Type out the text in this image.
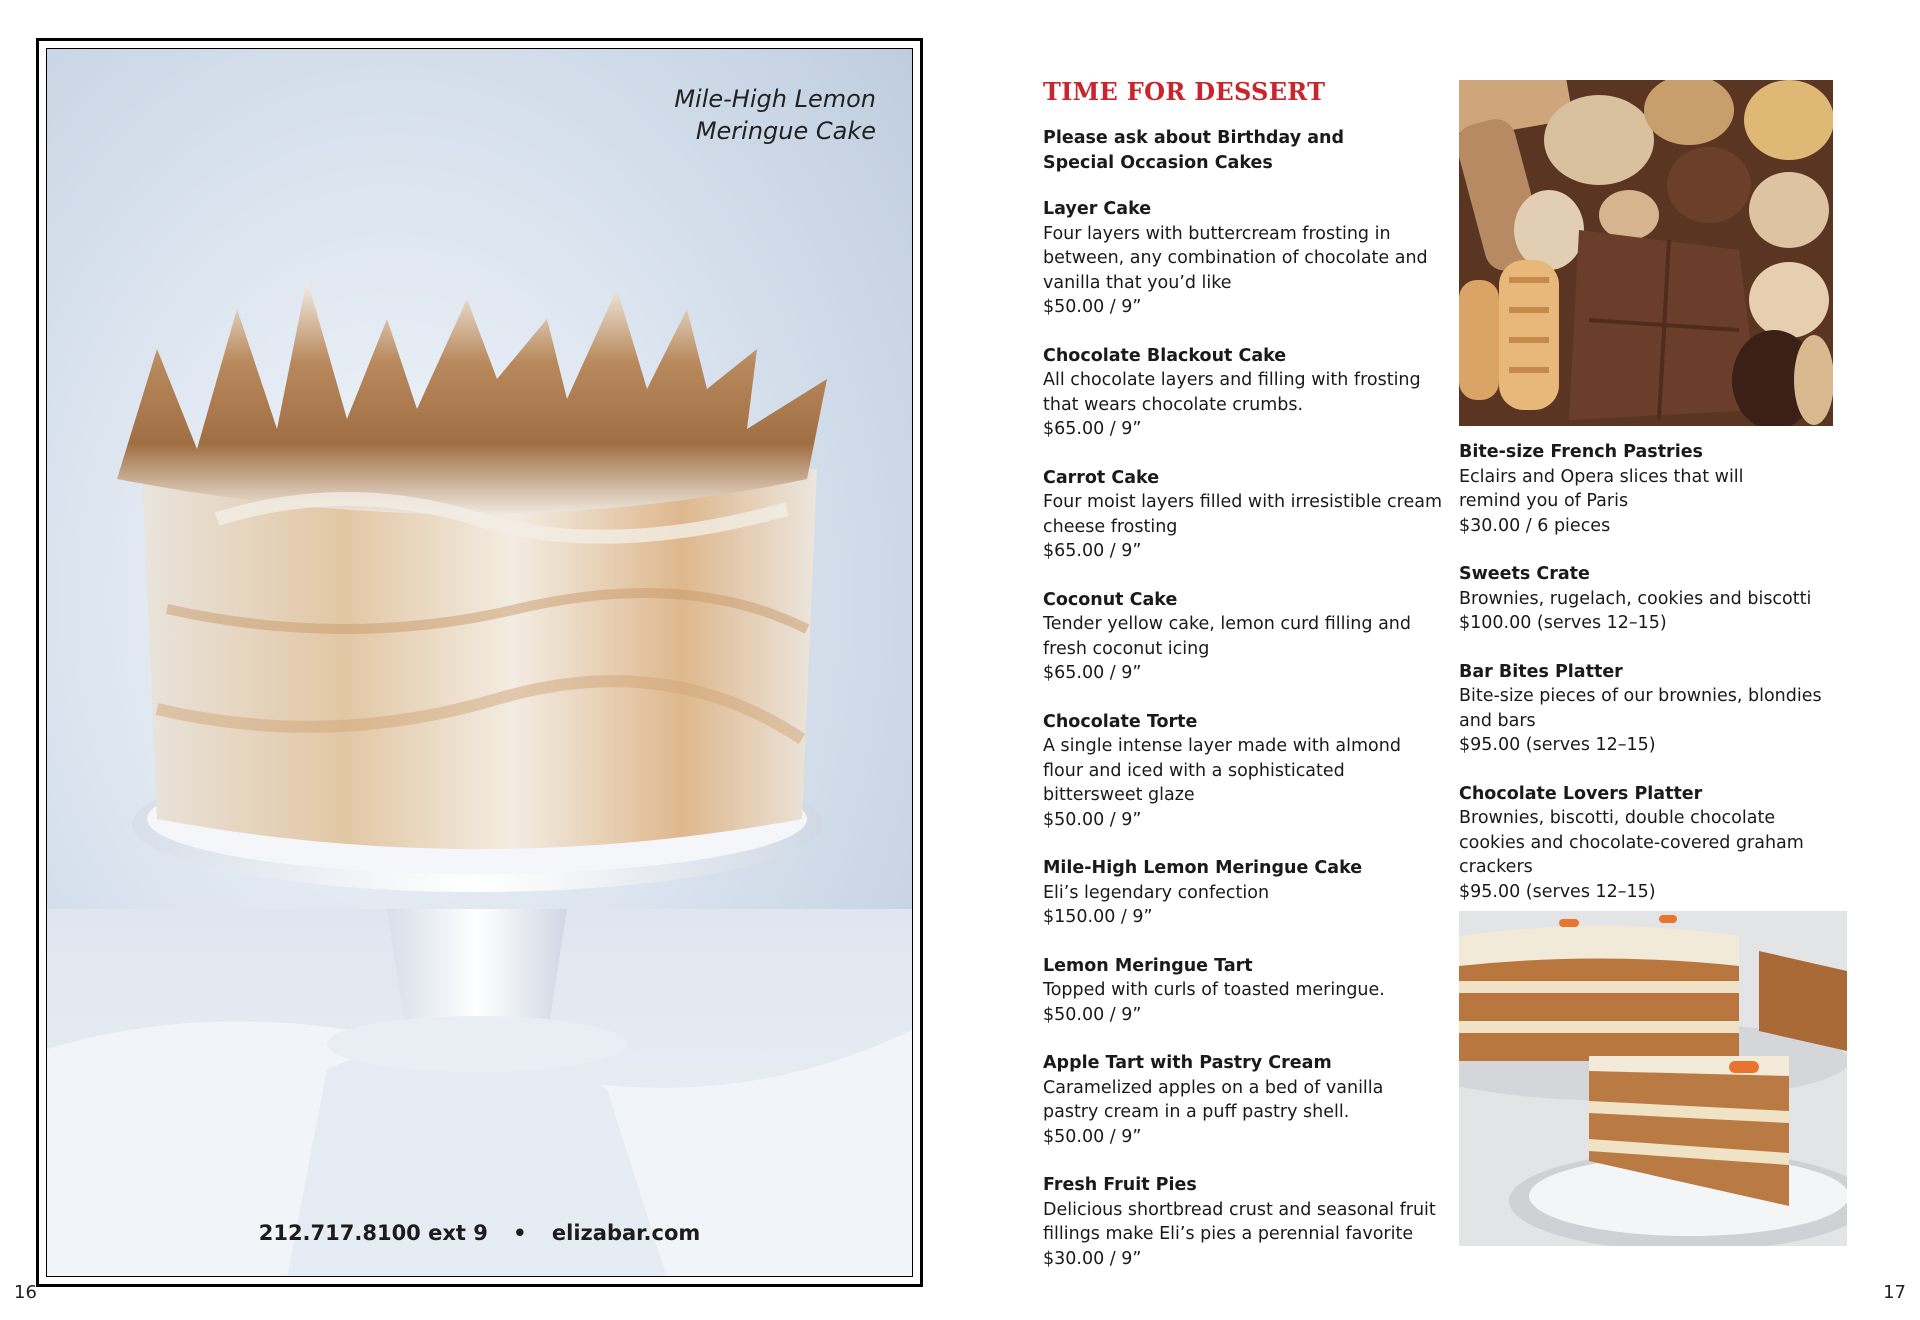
Mile-High Lemon
Meringue Cake
212.717.8100 ext 9 • elizabar.com
16
TIME FOR DESSERT
Please ask about Birthday and
Special Occasion Cakes
Layer Cake
Four layers with buttercream frosting in between, any combination of chocolate and vanilla that you’d like
$50.00 / 9”
Chocolate Blackout Cake
All chocolate layers and filling with frosting that wears chocolate crumbs.
$65.00 / 9”
Carrot Cake
Four moist layers filled with irresistible cream cheese frosting
$65.00 / 9”
Coconut Cake
Tender yellow cake, lemon curd filling and fresh coconut icing
$65.00 / 9”
Chocolate Torte
A single intense layer made with almond flour and iced with a sophisticated bittersweet glaze
$50.00 / 9”
Mile-High Lemon Meringue Cake
Eli’s legendary confection
$150.00 / 9”
Lemon Meringue Tart
Topped with curls of toasted meringue.
$50.00 / 9”
Apple Tart with Pastry Cream
Caramelized apples on a bed of vanilla pastry cream in a puff pastry shell.
$50.00 / 9”
Fresh Fruit Pies
Delicious shortbread crust and seasonal fruit fillings make Eli’s pies a perennial favorite
$30.00 / 9”
Bite-size French Pastries
Eclairs and Opera slices that will remind you of Paris
$30.00 / 6 pieces
Sweets Crate
Brownies, rugelach, cookies and biscotti
$100.00 (serves 12–15)
Bar Bites Platter
Bite-size pieces of our brownies, blondies and bars
$95.00 (serves 12–15)
Chocolate Lovers Platter
Brownies, biscotti, double chocolate cookies and chocolate-covered graham crackers
$95.00 (serves 12–15)
17
